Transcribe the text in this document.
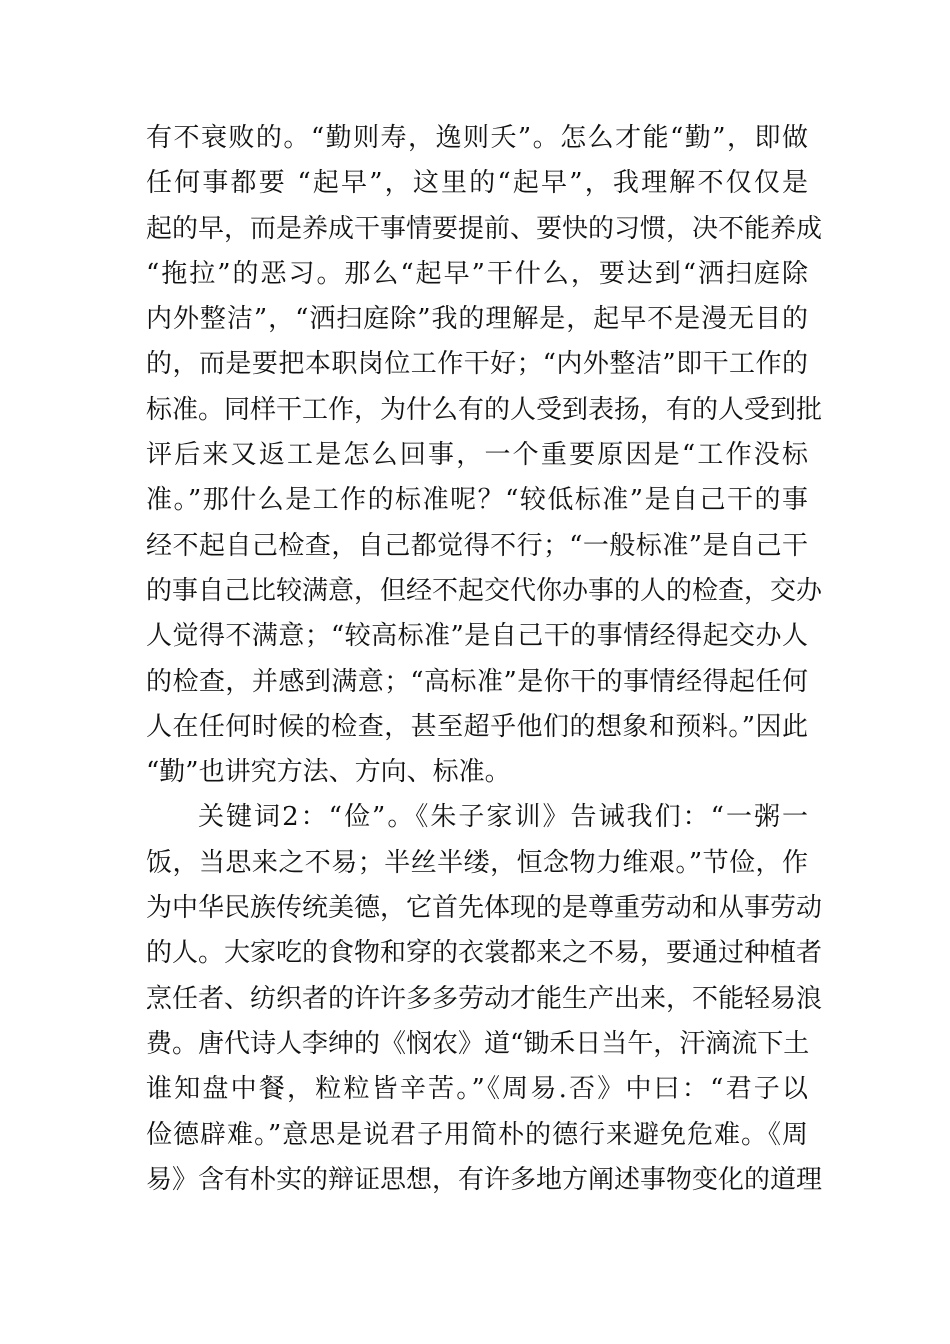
有不衰败的。“勤则寿，逸则夭”。怎么才能“勤”，即做
任何事都要 “起早”，这里的“起早”，我理解不仅仅是
起的早，而是养成干事情要提前、要快的习惯，决不能养成
“拖拉”的恶习。那么“起早”干什么，要达到“洒扫庭除
内外整洁”，“洒扫庭除”我的理解是，起早不是漫无目的
的，而是要把本职岗位工作干好；“内外整洁”即干工作的
标准。同样干工作，为什么有的人受到表扬，有的人受到批
评后来又返工是怎么回事，一个重要原因是“工作没标
准。”那什么是工作的标准呢？“较低标准”是自己干的事
经不起自己检查，自己都觉得不行；“一般标准”是自己干
的事自己比较满意，但经不起交代你办事的人的检查，交办
人觉得不满意；“较高标准”是自己干的事情经得起交办人
的检查，并感到满意；“高标准”是你干的事情经得起任何
人在任何时候的检查，甚至超乎他们的想象和预料。”因此
“勤”也讲究方法、方向、标准。
关键词2：“俭”。《朱子家训》告诫我们：“一粥一
饭，当思来之不易；半丝半缕，恒念物力维艰。”节俭，作
为中华民族传统美德，它首先体现的是尊重劳动和从事劳动
的人。大家吃的食物和穿的衣裳都来之不易，要通过种植者
烹任者、纺织者的许许多多劳动才能生产出来，不能轻易浪
费。唐代诗人李绅的《悯农》道“锄禾日当午，汗滴流下土
谁知盘中餐，粒粒皆辛苦。”《周易.否》中曰：“君子以
俭德辟难。”意思是说君子用简朴的德行来避免危难。《周
易》含有朴实的辩证思想，有许多地方阐述事物变化的道理
